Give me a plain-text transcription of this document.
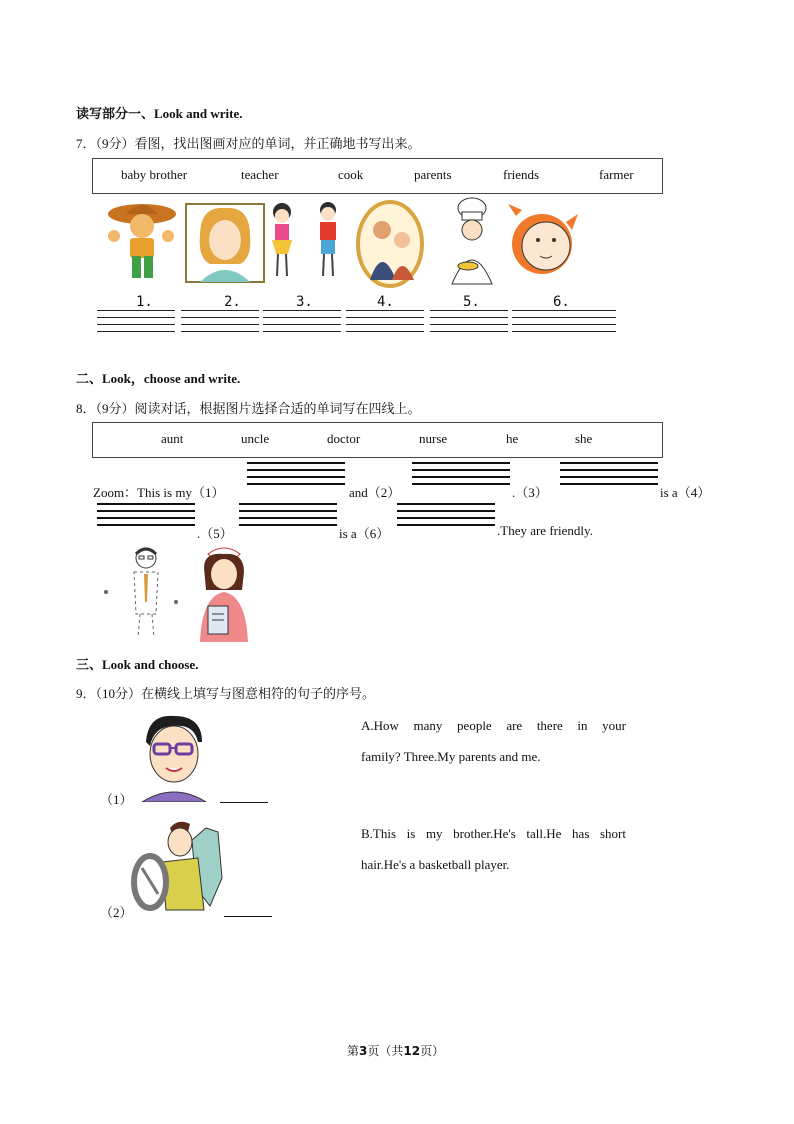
读写部分一、Look and write.
7．（9分）看图，找出图画对应的单词，并正确地书写出来。
baby brother	teacher	cook	parents	friends	farmer
1.	2.	3.	4.	5.	6.
二、Look，choose and write.
8．（9分）阅读对话，根据图片选择合适的单词写在四线上。
aunt	uncle	doctor	nurse	he	she
Zoom：This is my（1）	and（2）	.（3）	is a（4）
.（5）	is a（6）	.They are friendly.
三、Look and choose.
9．（10分）在横线上填写与图意相符的句子的序号。
（1）
（2）
A.How many people are there in your
family? Three.My parents and me.
B.This is my brother.He's tall.He has short
hair.He's a basketball player.
第3页（共12页）
